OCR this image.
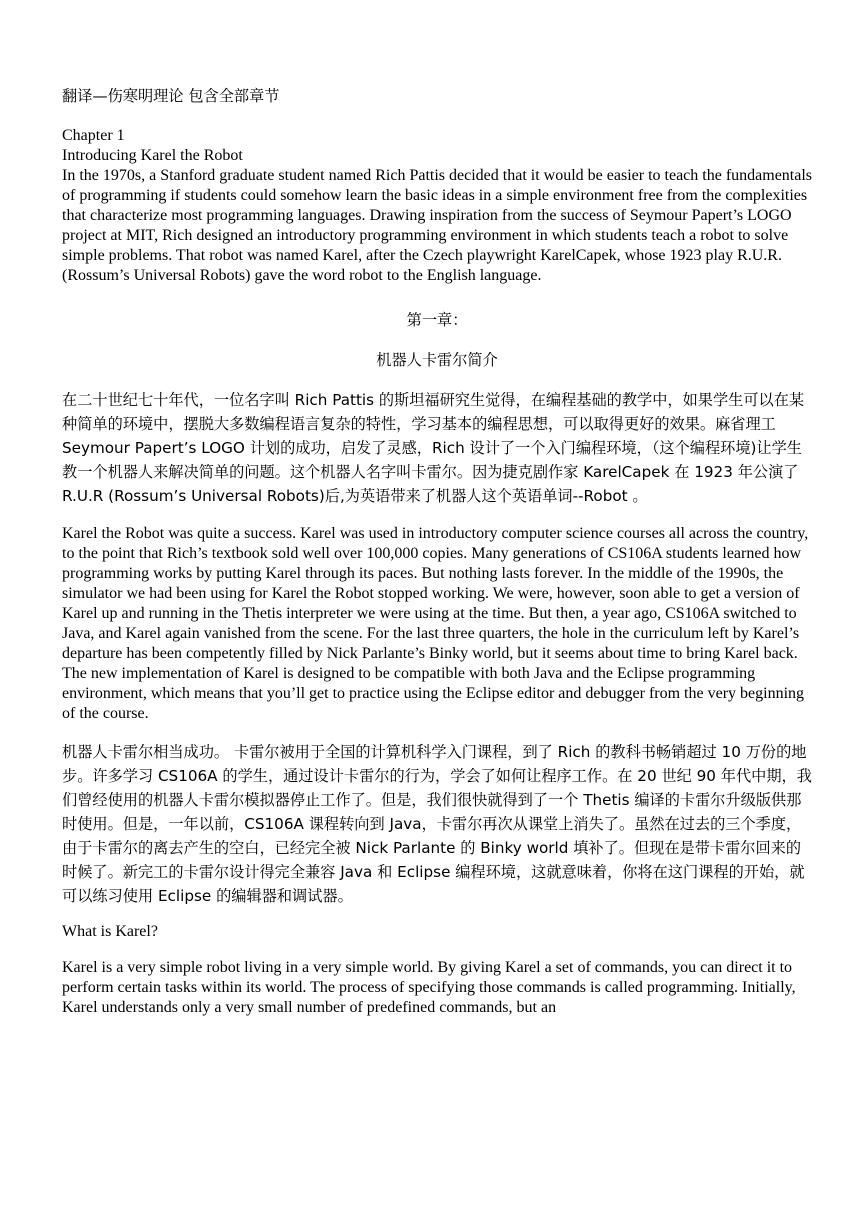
翻译—伤寒明理论 包含全部章节

Chapter 1

Introducing Karel the Robot

In the 1970s, a Stanford graduate student named Rich Pattis decided that it would be easier to teach the fundamentals of programming if students could somehow learn the basic ideas in a simple environment free from the complexities that characterize most programming languages. Drawing inspiration from the success of Seymour Papert’s LOGO project at MIT, Rich designed an introductory programming environment in which students teach a robot to solve simple problems. That robot was named Karel, after the Czech playwright KarelCapek, whose 1923 play R.U.R. (Rossum’s Universal Robots) gave the word robot to the English language.

第一章：
机器人卡雷尔简介
在二十世纪七十年代，一位名字叫 Rich Pattis 的斯坦福研究生觉得，在编程基础的教学中，如果学生可以在某种简单的环境中，摆脱大多数编程语言复杂的特性，学习基本的编程思想，可以取得更好的效果。麻省理工 Seymour Papert’s LOGO 计划的成功，启发了灵感，Rich 设计了一个入门编程环境，（这个编程环境)让学生教一个机器人来解决简单的问题。这个机器人名字叫卡雷尔。因为捷克剧作家 KarelCapek 在 1923 年公演了 R.U.R (Rossum’s Universal Robots)后,为英语带来了机器人这个英语单词--Robot 。

Karel the Robot was quite a success. Karel was used in introductory computer science courses all across the country, to the point that Rich’s textbook sold well over 100,000 copies. Many generations of CS106A students learned how programming works by putting Karel through its paces. But nothing lasts forever. In the middle of the 1990s, the simulator we had been using for Karel the Robot stopped working. We were, however, soon able to get a version of Karel up and running in the Thetis interpreter we were using at the time. But then, a year ago, CS106A switched to Java, and Karel again vanished from the scene. For the last three quarters, the hole in the curriculum left by Karel’s departure has been competently filled by Nick Parlante’s Binky world, but it seems about time to bring Karel back. The new implementation of Karel is designed to be compatible with both Java and the Eclipse programming environment, which means that you’ll get to practice using the Eclipse editor and debugger from the very beginning of the course.

机器人卡雷尔相当成功。 卡雷尔被用于全国的计算机科学入门课程，到了 Rich 的教科书畅销超过 10 万份的地步。许多学习 CS106A 的学生，通过设计卡雷尔的行为，学会了如何让程序工作。在 20 世纪 90 年代中期，我们曾经使用的机器人卡雷尔模拟器停止工作了。但是，我们很快就得到了一个 Thetis 编译的卡雷尔升级版供那时使用。但是，一年以前，CS106A 课程转向到 Java，卡雷尔再次从课堂上消失了。虽然在过去的三个季度，由于卡雷尔的离去产生的空白，已经完全被 Nick Parlante 的 Binky world 填补了。但现在是带卡雷尔回来的时候了。新完工的卡雷尔设计得完全兼容 Java 和 Eclipse 编程环境，这就意味着，你将在这门课程的开始，就可以练习使用 Eclipse 的编辑器和调试器。

What is Karel?

Karel is a very simple robot living in a very simple world. By giving Karel a set of commands, you can direct it to perform certain tasks within its world. The process of specifying those commands is called programming. Initially, Karel understands only a very small number of predefined commands, but an
